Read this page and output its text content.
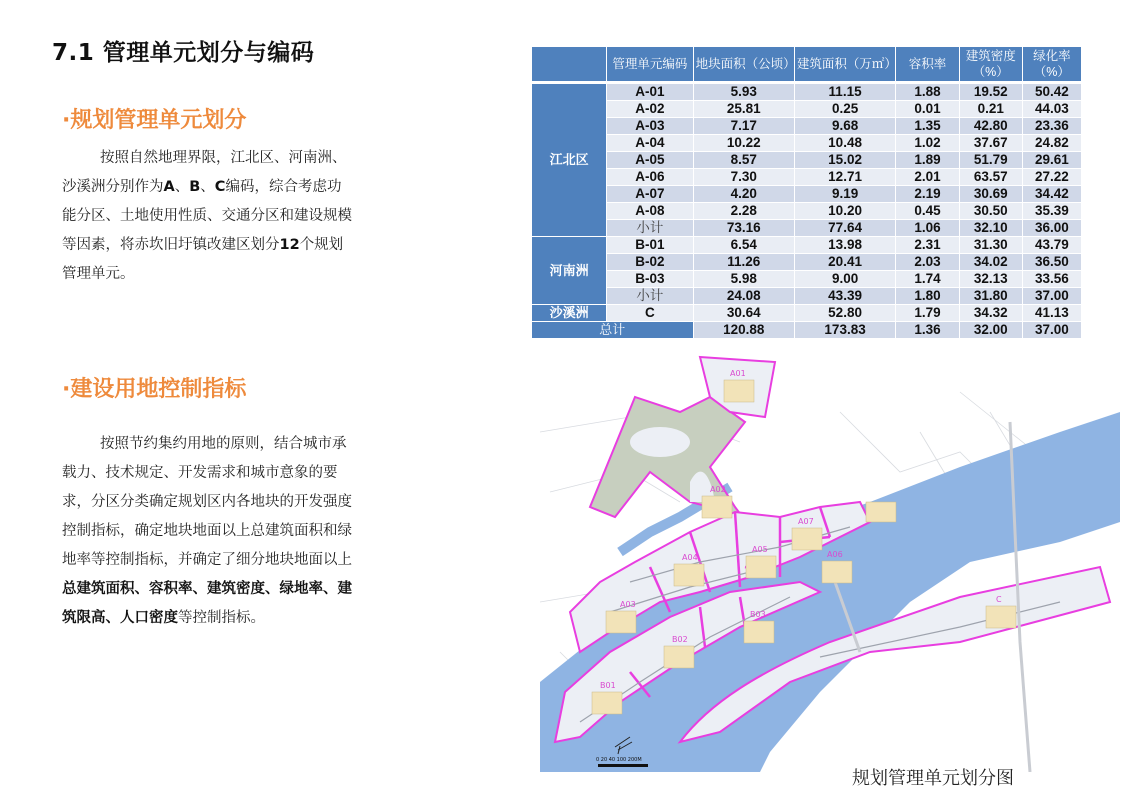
7.1 管理单元划分与编码
·规划管理单元划分
按照自然地理界限，江北区、河南洲、沙溪洲分别作为A、B、C编码，综合考虑功能分区、土地使用性质、交通分区和建设规模等因素，将赤坎旧圩镇改建区划分12个规划管理单元。
·建设用地控制指标
按照节约集约用地的原则，结合城市承载力、技术规定、开发需求和城市意象的要求，分区分类确定规划区内各地块的开发强度控制指标，确定地块地面以上总建筑面积和绿地率等控制指标，并确定了细分地块地面以上总建筑面积、容积率、建筑密度、绿地率、建筑限高、人口密度等控制指标。
	管理单元编码	地块面积（公顷）	建筑面积（万㎡）	容积率	建筑密度（%）	绿化率（%）
江北区	A-01	5.93	11.15	1.88	19.52	50.42
	A-02	25.81	0.25	0.01	0.21	44.03
	A-03	7.17	9.68	1.35	42.80	23.36
	A-04	10.22	10.48	1.02	37.67	24.82
	A-05	8.57	15.02	1.89	51.79	29.61
	A-06	7.30	12.71	2.01	63.57	27.22
	A-07	4.20	9.19	2.19	30.69	34.42
	A-08	2.28	10.20	0.45	30.50	35.39
	小计	73.16	77.64	1.06	32.10	36.00
河南洲	B-01	6.54	13.98	2.31	31.30	43.79
	B-02	11.26	20.41	2.03	34.02	36.50
	B-03	5.98	9.00	1.74	32.13	33.56
	小计	24.08	43.39	1.80	31.80	37.00
沙溪洲	C	30.64	52.80	1.79	34.32	41.13
总计		120.88	173.83	1.36	32.00	37.00
A01
A02
A03
A04
A05
A06
A07
B01
B02
B03
C
0 20 40 100 200M
规划管理单元划分图
